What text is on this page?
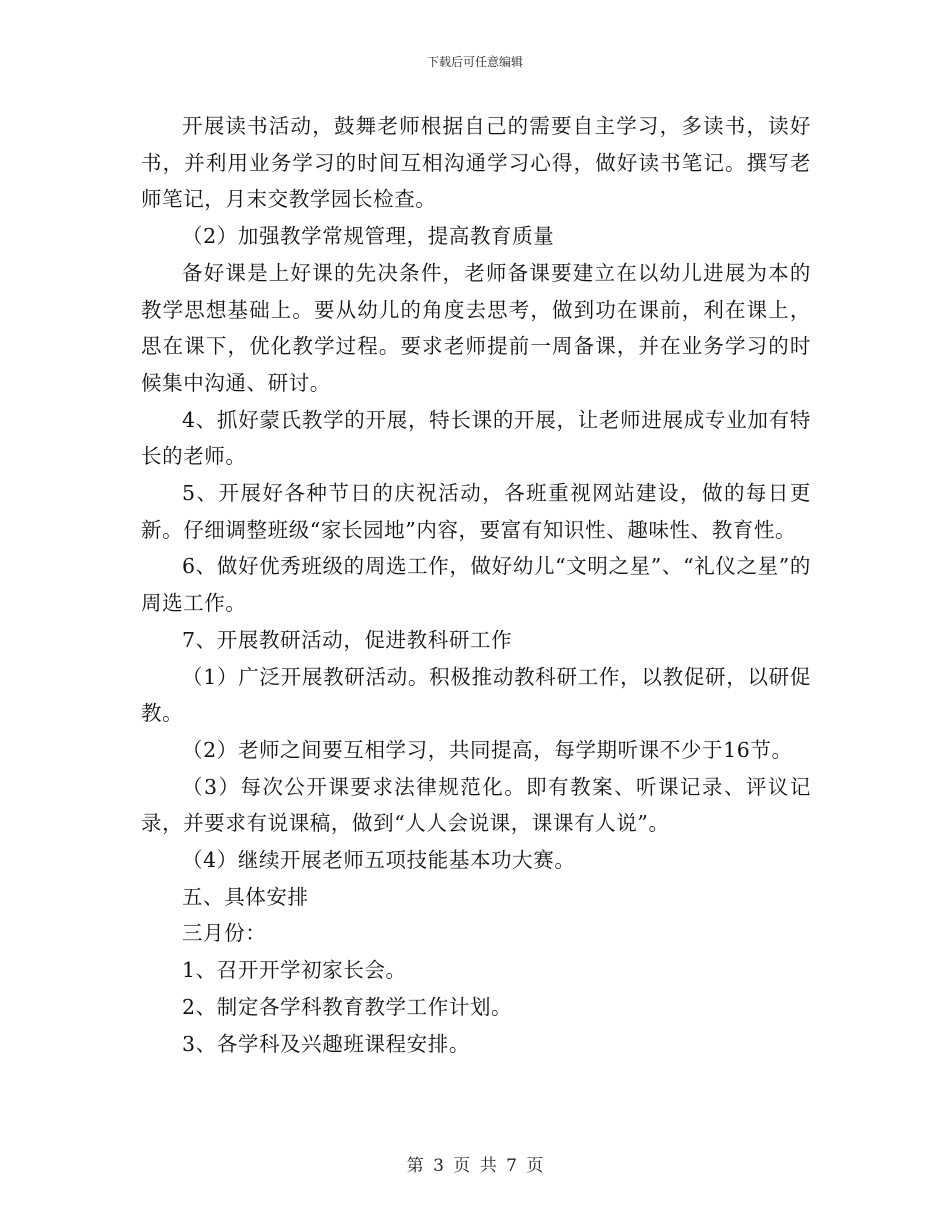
下载后可任意编辑

开展读书活动，鼓舞老师根据自己的需要自主学习，多读书，读好书，并利用业务学习的时间互相沟通学习心得，做好读书笔记。撰写老师笔记，月末交教学园长检查。

（2）加强教学常规管理，提高教育质量

备好课是上好课的先决条件，老师备课要建立在以幼儿进展为本的教学思想基础上。要从幼儿的角度去思考，做到功在课前，利在课上，思在课下，优化教学过程。要求老师提前一周备课，并在业务学习的时候集中沟通、研讨。

4、抓好蒙氏教学的开展，特长课的开展，让老师进展成专业加有特长的老师。

5、开展好各种节日的庆祝活动，各班重视网站建设，做的每日更新。仔细调整班级“家长园地”内容，要富有知识性、趣味性、教育性。

6、做好优秀班级的周选工作，做好幼儿“文明之星”、“礼仪之星”的周选工作。

7、开展教研活动，促进教科研工作

（1）广泛开展教研活动。积极推动教科研工作，以教促研，以研促教。

（2）老师之间要互相学习，共同提高，每学期听课不少于16节。

（3）每次公开课要求法律规范化。即有教案、听课记录、评议记录，并要求有说课稿，做到“人人会说课，课课有人说”。

（4）继续开展老师五项技能基本功大赛。

五、具体安排

三月份：

1、召开开学初家长会。

2、制定各学科教育教学工作计划。

3、各学科及兴趣班课程安排。

第 3 页 共 7 页
